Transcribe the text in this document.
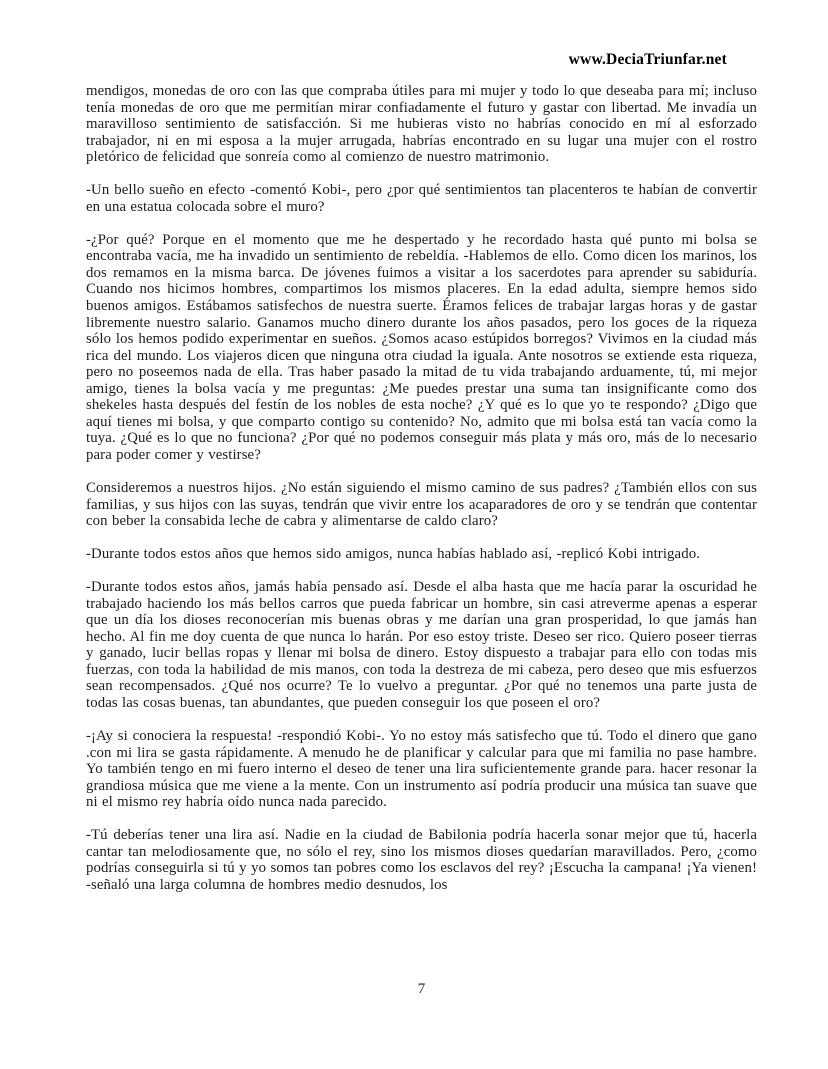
www.DeciaTriunfar.net

mendigos, monedas de oro con las que compraba útiles para mi mujer y todo lo que deseaba para mí; incluso tenía monedas de oro que me permitían mirar confiadamente el futuro y gastar con libertad. Me invadía un maravilloso sentimiento de satisfacción. Si me hubieras visto no habrías conocido en mí al esforzado trabajador, ni en mi esposa a la mujer arrugada, habrías encontrado en su lugar una mujer con el rostro pletórico de felicidad que sonreía como al comienzo de nuestro matrimonio.

-Un bello sueño en efecto -comentó Kobi-, pero ¿por qué sentimientos tan placenteros te habían de convertir en una estatua colocada sobre el muro?

-¿Por qué? Porque en el momento que me he despertado y he recordado hasta qué punto mi bolsa se encontraba vacía, me ha invadido un sentimiento de rebeldía. -Hablemos de ello. Como dicen los marinos, los dos remamos en la misma barca. De jóvenes fuimos a visitar a los sacerdotes para aprender su sabiduría. Cuando nos hicimos hombres, compartimos los mismos placeres. En la edad adulta, siempre hemos sido buenos amigos. Estábamos satisfechos de nuestra suerte. Éramos felices de trabajar largas horas y de gastar libremente nuestro salario. Ganamos mucho dinero durante los años pasados, pero los goces de la riqueza sólo los hemos podido experimentar en sueños. ¿Somos acaso estúpidos borregos? Vivimos en la ciudad más rica del mundo. Los viajeros dicen que ninguna otra ciudad la iguala. Ante nosotros se extiende esta riqueza, pero no poseemos nada de ella. Tras haber pasado la mitad de tu vida trabajando arduamente, tú, mi mejor amigo, tienes la bolsa vacía y me preguntas: ¿Me puedes prestar una suma tan insignificante como dos shekeles hasta después del festín de los nobles de esta noche? ¿Y qué es lo que yo te respondo? ¿Digo que aquí tienes mi bolsa, y que comparto contigo su contenido? No, admito que mi bolsa está tan vacía como la tuya. ¿Qué es lo que no funciona? ¿Por qué no podemos conseguir más plata y más oro, más de lo necesario para poder comer y vestirse?

Consideremos a nuestros hijos. ¿No están siguiendo el mismo camino de sus padres? ¿También ellos con sus familias, y sus hijos con las suyas, tendrán que vivir entre los acaparadores de oro y se tendrán que contentar con beber la consabida leche de cabra y alimentarse de caldo claro?

-Durante todos estos años que hemos sido amigos, nunca habías hablado así, -replicó Kobi intrigado.

-Durante todos estos años, jamás había pensado así. Desde el alba hasta que me hacía parar la oscuridad he trabajado haciendo los más bellos carros que pueda fabricar un hombre, sin casi atreverme apenas a esperar que un día los dioses reconocerían mis buenas obras y me darían una gran prosperidad, lo que jamás han hecho. Al fin me doy cuenta de que nunca lo harán. Por eso estoy triste. Deseo ser rico. Quiero poseer tierras y ganado, lucir bellas ropas y llenar mi bolsa de dinero. Estoy dispuesto a trabajar para ello con todas mis fuerzas, con toda la habilidad de mis manos, con toda la destreza de mi cabeza, pero deseo que mis esfuerzos sean recompensados. ¿Qué nos ocurre? Te lo vuelvo a preguntar. ¿Por qué no tenemos una parte justa de todas las cosas buenas, tan abundantes, que pueden conseguir los que poseen el oro?

-¡Ay si conociera la respuesta! -respondió Kobi-. Yo no estoy más satisfecho que tú. Todo el dinero que gano .con mi lira se gasta rápidamente. A menudo he de planificar y calcular para que mi familia no pase hambre. Yo también tengo en mi fuero interno el deseo de tener una lira suficientemente grande para. hacer resonar la grandiosa música que me viene a la mente. Con un instrumento así podría producir una música tan suave que ni el mismo rey habría oído nunca nada parecido.

-Tú deberías tener una lira así. Nadie en la ciudad de Babilonia podría hacerla sonar mejor que tú, hacerla cantar tan melodiosamente que, no sólo el rey, sino los mismos dioses quedarían maravillados. Pero, ¿como podrías conseguirla si tú y yo somos tan pobres como los esclavos del rey? ¡Escucha la campana! ¡Ya vienen! -señaló una larga columna de hombres medio desnudos, los

7
